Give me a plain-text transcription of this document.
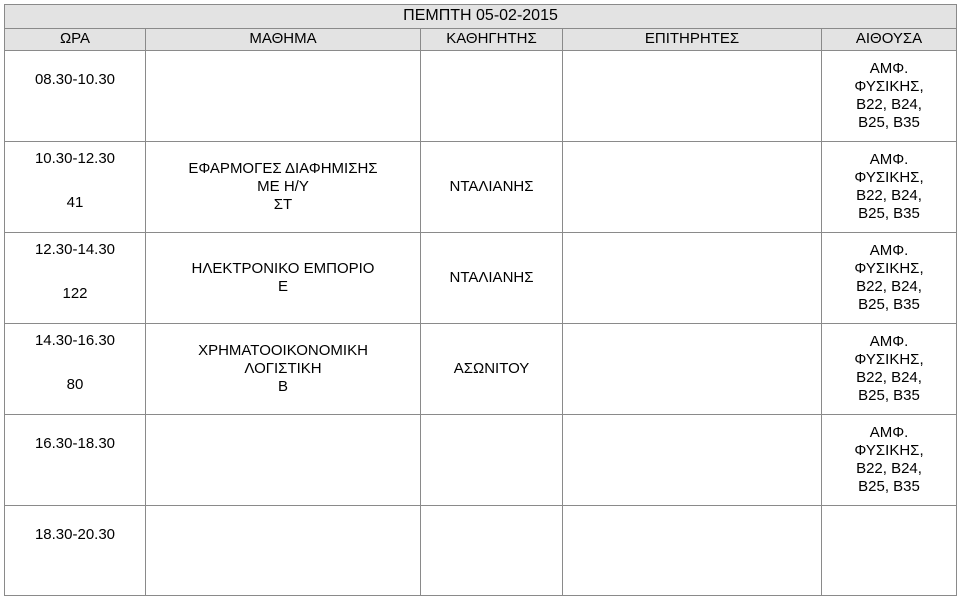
ΠΕΜΠΤΗ 05-02-2015				
ΩΡΑ	ΜΑΘΗΜΑ	ΚΑΘΗΓΗΤΗΣ	ΕΠΙΤΗΡΗΤΕΣ	ΑΙΘΟΥΣΑ

08.30-10.30				ΑΜΦ.
ΦΥΣΙΚΗΣ,
Β22, Β24,
Β25, Β35

10.30-12.30
41	ΕΦΑΡΜΟΓΕΣ ΔΙΑΦΗΜΙΣΗΣ
ΜΕ Η/Υ
ΣΤ	ΝΤΑΛΙΑΝΗΣ		ΑΜΦ.
ΦΥΣΙΚΗΣ,
Β22, Β24,
Β25, Β35

12.30-14.30
122	ΗΛΕΚΤΡΟΝΙΚΟ ΕΜΠΟΡΙΟ
Ε	ΝΤΑΛΙΑΝΗΣ		ΑΜΦ.
ΦΥΣΙΚΗΣ,
Β22, Β24,
Β25, Β35

14.30-16.30
80	ΧΡΗΜΑΤΟΟΙΚΟΝΟΜΙΚΗ
ΛΟΓΙΣΤΙΚΗ
Β	ΑΣΩΝΙΤΟΥ		ΑΜΦ.
ΦΥΣΙΚΗΣ,
Β22, Β24,
Β25, Β35

16.30-18.30				ΑΜΦ.
ΦΥΣΙΚΗΣ,
Β22, Β24,
Β25, Β35

18.30-20.30				
